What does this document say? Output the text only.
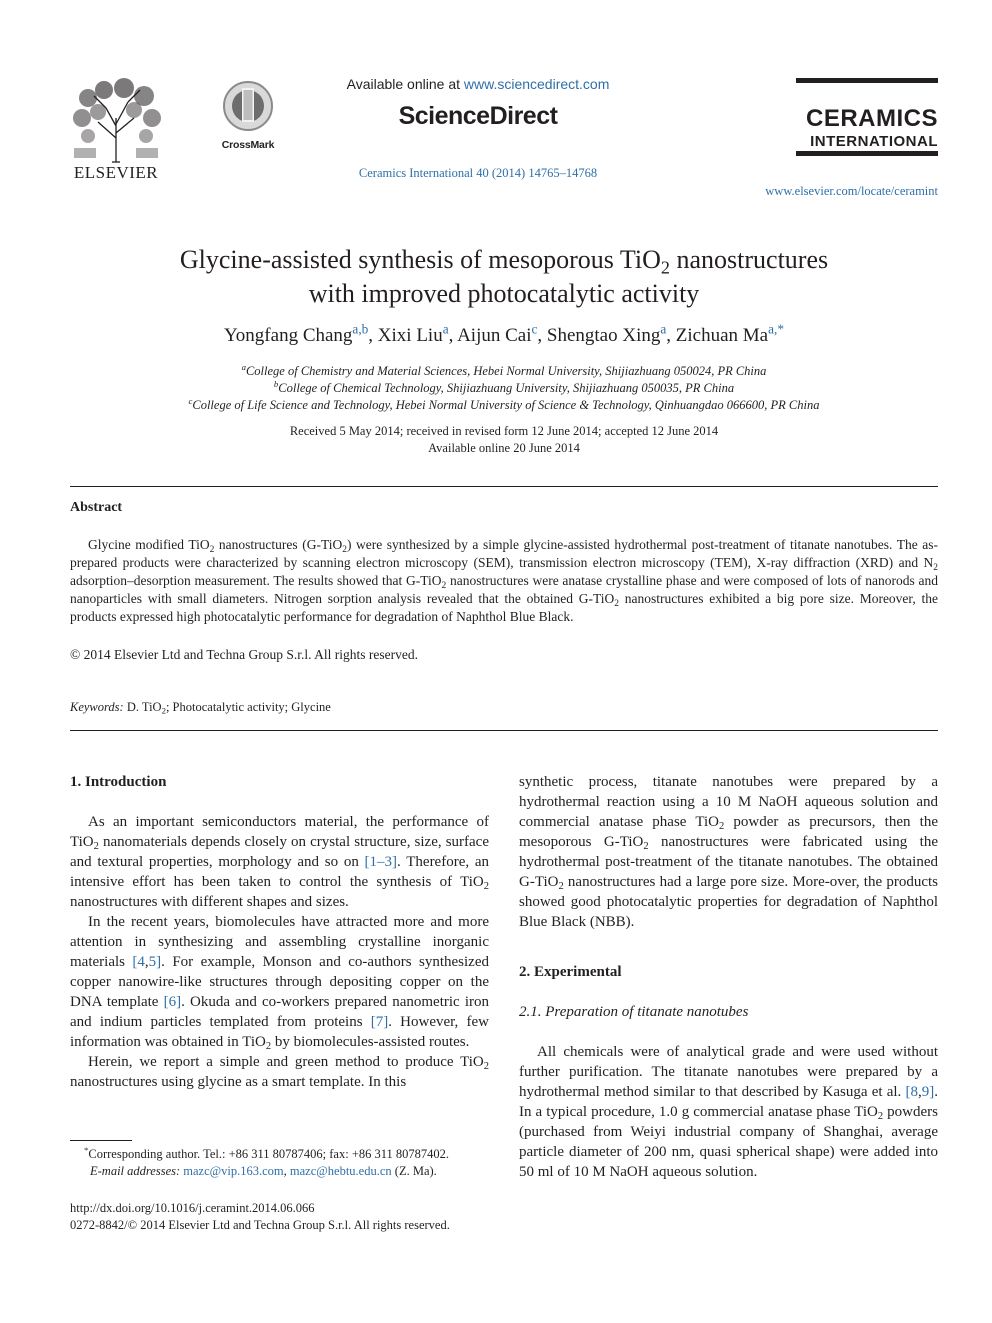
ELSEVIER
CrossMark
Available online at www.sciencedirect.com
ScienceDirect
Ceramics International 40 (2014) 14765–14768
CERAMICS
INTERNATIONAL
www.elsevier.com/locate/ceramint
Glycine-assisted synthesis of mesoporous TiO$_2$ nanostructures
with improved photocatalytic activity
Yongfang Chang$^{a,b}$, Xixi Liu$^a$, Aijun Cai$^c$, Shengtao Xing$^a$, Zichuan $Ma^{a,*}$
$^a$College of Chemistry and Material Sciences, Hebei Normal University, Shijiazhuang 050024, PR China
$^b$College of Chemical Technology, Shijiazhuang University, Shijiazhuang 050035, PR China
$^c$College of Life Science and Technology, Hebei Normal University of Science & Technology, Qinhuangdao 066600, PR China
Received 5 May 2014; received in revised form 12 June 2014; accepted 12 June 2014
Available online 20 June 2014
Abstract
Glycine modified TiO$_2$ nanostructures (G-TiO$_2$) were synthesized by a simple glycine-assisted hydrothermal post-treatment of titanate nanotubes. The as-prepared products were characterized by scanning electron microscopy (SEM), transmission electron microscopy (TEM), X-ray diffraction (XRD) and $N_2$ adsorption–desorption measurement. The results showed that G-TiO$_2$ nanostructures were anatase crystalline phase and were composed of lots of nanorods and nanoparticles with small diameters. Nitrogen sorption analysis revealed that the obtained G-TiO$_2$ nanostructures exhibited a big pore size. Moreover, the products expressed high photocatalytic performance for degradation of Naphthol Blue Black.
© 2014 Elsevier Ltd and Techna Group S.r.l. All rights reserved.
Keywords: D. TiO$_2$; Photocatalytic activity; Glycine
1. Introduction

As an important semiconductors material, the performance of TiO$_2$ nanomaterials depends closely on crystal structure, size, surface and textural properties, morphology and so on [1–3]. Therefore, an intensive effort has been taken to control the synthesis of TiO$_2$ nanostructures with different shapes and sizes.

In the recent years, biomolecules have attracted more and more attention in synthesizing and assembling crystalline inorganic materials [4,5]. For example, Monson and co-authors synthesized copper nanowire-like structures through depositing copper on the DNA template [6]. Okuda and co-workers prepared nanometric iron and indium particles templated from proteins [7]. However, few information was obtained in TiO$_2$ by biomolecules-assisted routes.

Herein, we report a simple and green method to produce TiO$_2$ nanostructures using glycine as a smart template. In this

synthetic process, titanate nanotubes were prepared by a hydrothermal reaction using a 10 M NaOH aqueous solution and commercial anatase phase TiO$_2$ powder as precursors, then the mesoporous G-TiO$_2$ nanostructures were fabricated using the hydrothermal post-treatment of the titanate nanotubes. The obtained G-TiO$_2$ nanostructures had a large pore size. More-over, the products showed good photocatalytic properties for degradation of Naphthol Blue Black (NBB).

2. Experimental
2.1. Preparation of titanate nanotubes

All chemicals were of analytical grade and were used without further purification. The titanate nanotubes were prepared by a hydrothermal method similar to that described by Kasuga et al. [8,9]. In a typical procedure, 1.0 g commercial anatase phase TiO$_2$ powders (purchased from Weiyi industrial company of Shanghai, average particle diameter of 200 nm, quasi spherical shape) were added into 50 ml of 10 M NaOH aqueous solution.

*Corresponding author. Tel.: +86 311 80787406; fax: +86 311 80787402.
E-mail addresses: mazc@vip.163.com, mazc@hebtu.edu.cn (Z. Ma).
http://dx.doi.org/10.1016/j.ceramint.2014.06.066
0272-8842/© 2014 Elsevier Ltd and Techna Group S.r.l. All rights reserved.
